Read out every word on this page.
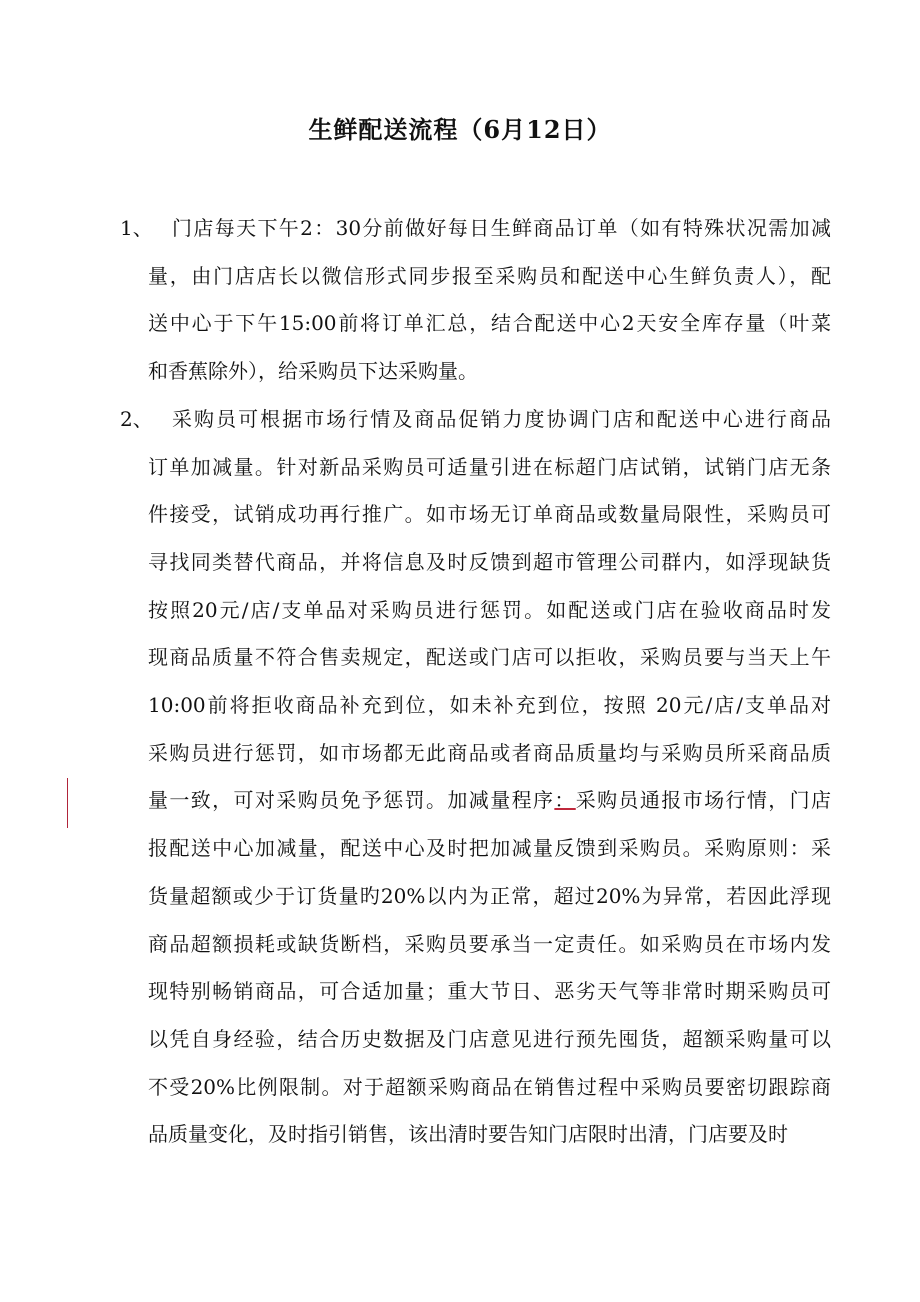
生鲜配送流程（6月12日）
1、 门店每天下午2：30分前做好每日生鲜商品订单（如有特殊状况需加减
量，由门店店长以微信形式同步报至采购员和配送中心生鲜负责人），配
送中心于下午15:00前将订单汇总，结合配送中心2天安全库存量（叶菜
和香蕉除外），给采购员下达采购量。
2、 采购员可根据市场行情及商品促销力度协调门店和配送中心进行商品
订单加减量。针对新品采购员可适量引进在标超门店试销，试销门店无条
件接受，试销成功再行推广。如市场无订单商品或数量局限性，采购员可
寻找同类替代商品，并将信息及时反馈到超市管理公司群内，如浮现缺货
按照20元/店/支单品对采购员进行惩罚。如配送或门店在验收商品时发
现商品质量不符合售卖规定，配送或门店可以拒收，采购员要与当天上午
10:00前将拒收商品补充到位，如未补充到位，按照 20元/店/支单品对
采购员进行惩罚，如市场都无此商品或者商品质量均与采购员所采商品质
量一致，可对采购员免予惩罚。加减量程序：采购员通报市场行情，门店
报配送中心加减量，配送中心及时把加减量反馈到采购员。采购原则：采
货量超额或少于订货量旳20%以内为正常，超过20%为异常，若因此浮现
商品超额损耗或缺货断档，采购员要承当一定责任。如采购员在市场内发
现特别畅销商品，可合适加量；重大节日、恶劣天气等非常时期采购员可
以凭自身经验，结合历史数据及门店意见进行预先囤货，超额采购量可以
不受20%比例限制。对于超额采购商品在销售过程中采购员要密切跟踪商
品质量变化，及时指引销售，该出清时要告知门店限时出清，门店要及时
